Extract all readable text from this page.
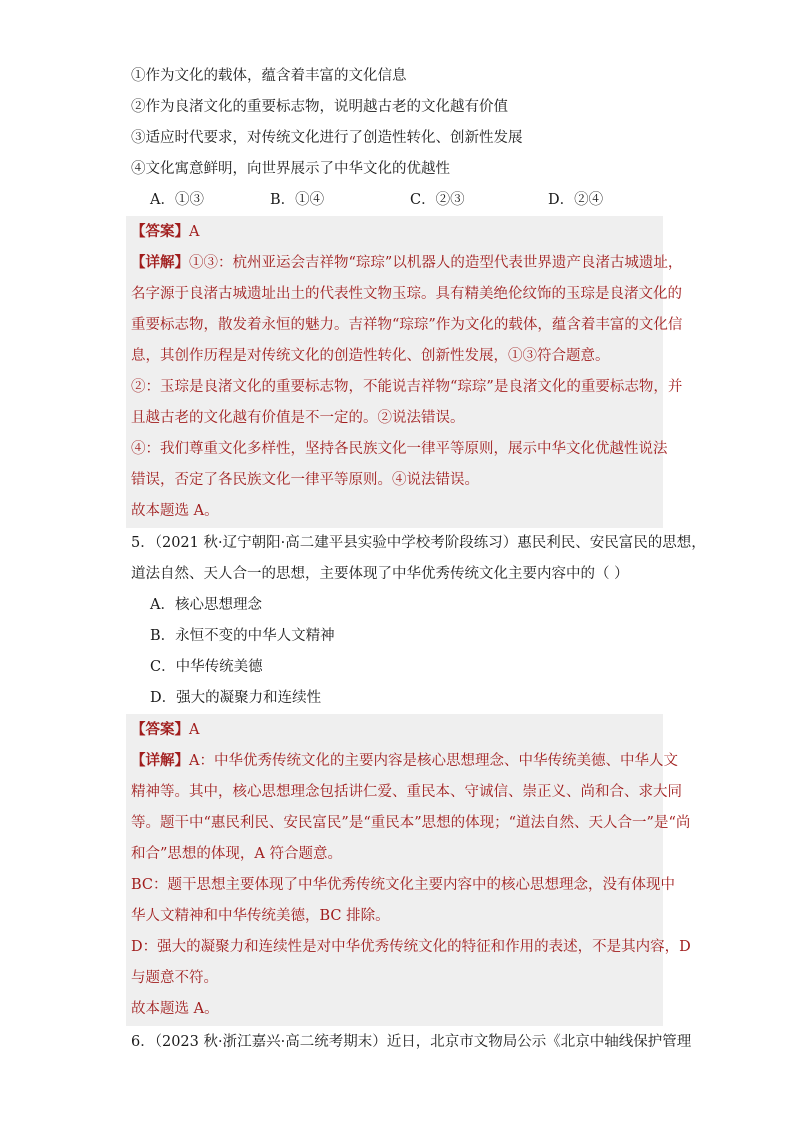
①作为文化的载体，蕴含着丰富的文化信息
②作为良渚文化的重要标志物，说明越古老的文化越有价值
③适应时代要求，对传统文化进行了创造性转化、创新性发展
④文化寓意鲜明，向世界展示了中华文化的优越性
A．①③	B．①④	C．②③	D．②④
【答案】A
【详解】①③：杭州亚运会吉祥物“琮琮”以机器人的造型代表世界遗产良渚古城遗址，
名字源于良渚古城遗址出土的代表性文物玉琮。具有精美绝伦纹饰的玉琮是良渚文化的
重要标志物，散发着永恒的魅力。吉祥物“琮琮”作为文化的载体，蕴含着丰富的文化信
息，其创作历程是对传统文化的创造性转化、创新性发展，①③符合题意。
②：玉琮是良渚文化的重要标志物，不能说吉祥物“琮琮”是良渚文化的重要标志物，并
且越古老的文化越有价值是不一定的。②说法错误。
④：我们尊重文化多样性，坚持各民族文化一律平等原则，展示中华文化优越性说法
错误，否定了各民族文化一律平等原则。④说法错误。
故本题选 A。
5．（2021 秋·辽宁朝阳·高二建平县实验中学校考阶段练习）惠民利民、安民富民的思想，
道法自然、天人合一的思想，主要体现了中华优秀传统文化主要内容中的（ ）
A．核心思想理念
B．永恒不变的中华人文精神
C．中华传统美德
D．强大的凝聚力和连续性
【答案】A
【详解】A：中华优秀传统文化的主要内容是核心思想理念、中华传统美德、中华人文
精神等。其中，核心思想理念包括讲仁爱、重民本、守诚信、崇正义、尚和合、求大同
等。题干中“惠民利民、安民富民”是“重民本”思想的体现；“道法自然、天人合一”是“尚
和合”思想的体现，A 符合题意。
BC：题干思想主要体现了中华优秀传统文化主要内容中的核心思想理念，没有体现中
华人文精神和中华传统美德，BC 排除。
D：强大的凝聚力和连续性是对中华优秀传统文化的特征和作用的表述，不是其内容，D
与题意不符。
故本题选 A。
6．（2023 秋·浙江嘉兴·高二统考期末）近日，北京市文物局公示《北京中轴线保护管理
